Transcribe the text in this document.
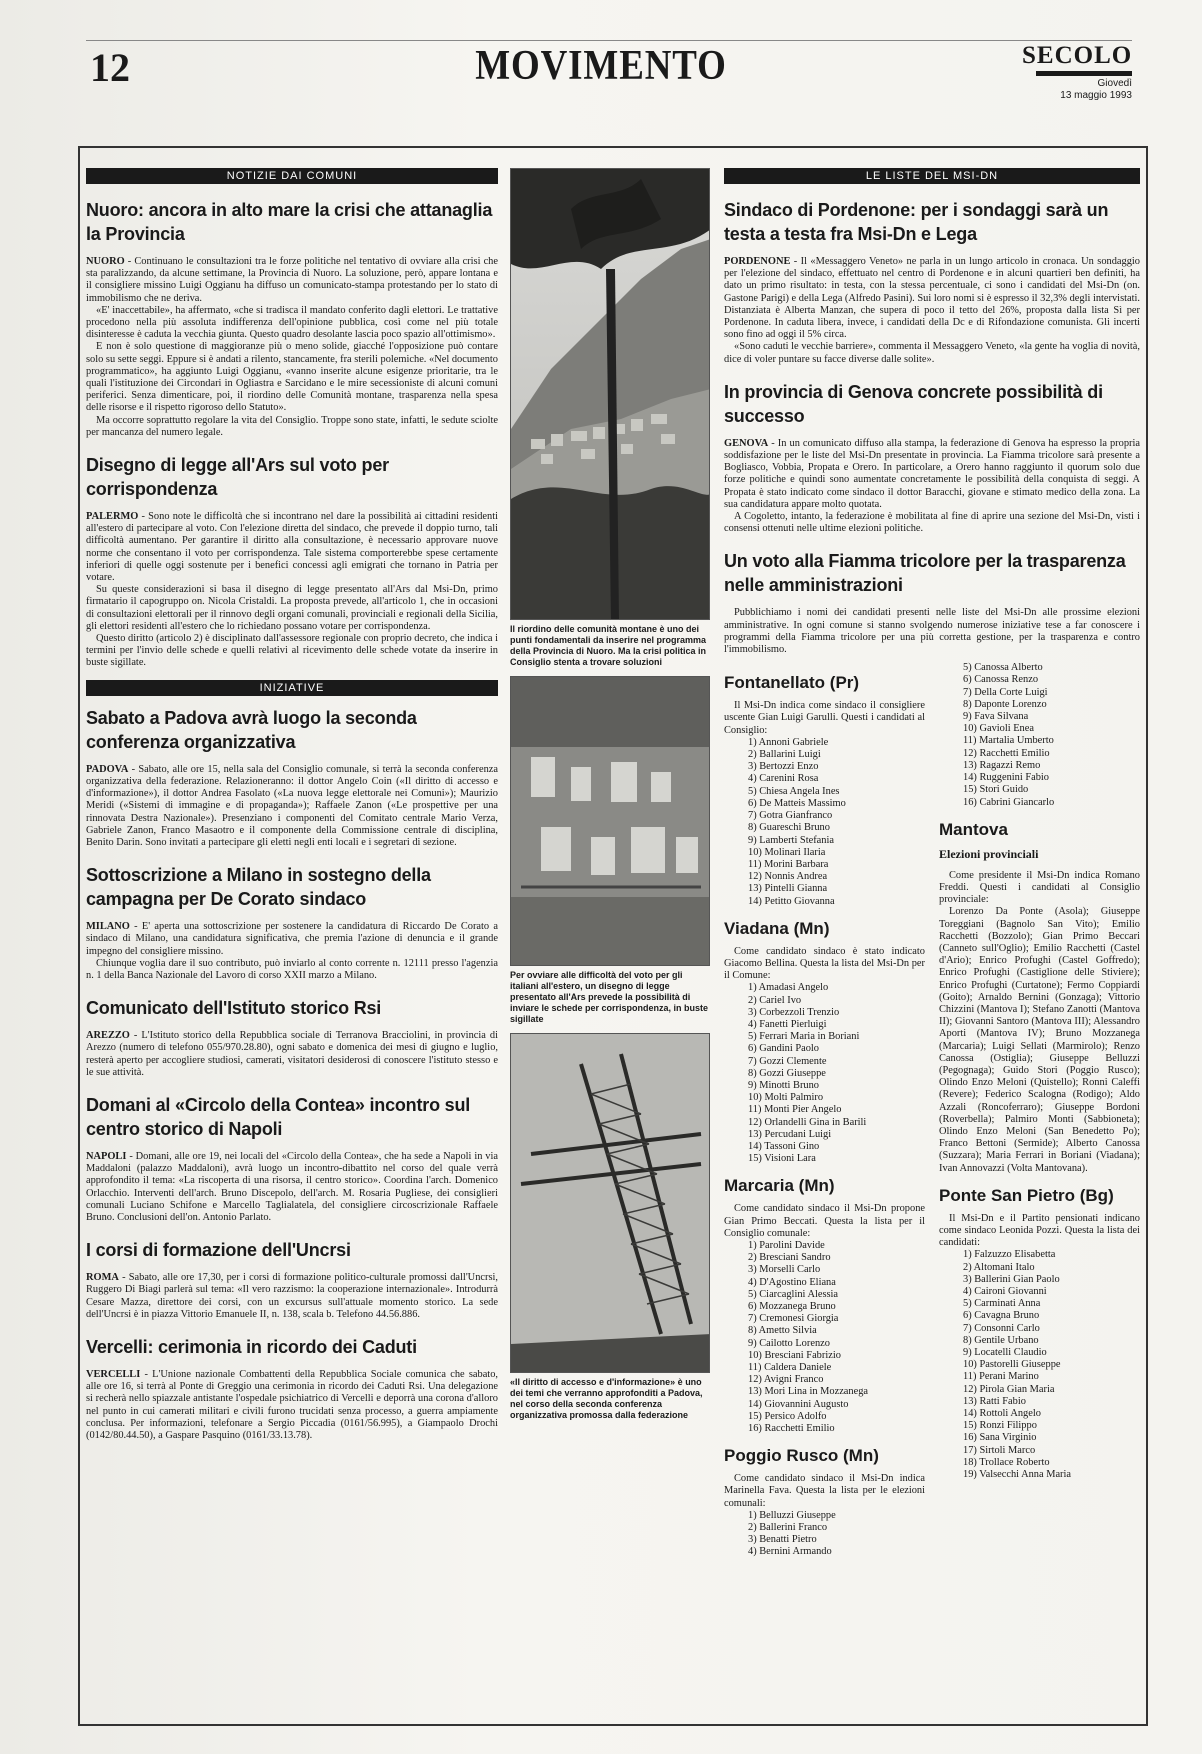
12	MOVIMENTO	SECOLO
Giovedì
13 maggio 1993
NOTIZIE DAI COMUNI
Nuoro: ancora in alto mare la crisi che attanaglia la Provincia

NUORO - Continuano le consultazioni tra le forze politiche nel tentativo di ovviare alla crisi che sta paralizzando, da alcune settimane, la Provincia di Nuoro. La soluzione, però, appare lontana e il consigliere missino Luigi Oggianu ha diffuso un comunicato-stampa protestando per lo stato di immobilismo che ne deriva.

«E' inaccettabile», ha affermato, «che si tradisca il mandato conferito dagli elettori. Le trattative procedono nella più assoluta indifferenza dell'opinione pubblica, così come nel più totale disinteresse è caduta la vecchia giunta. Questo quadro desolante lascia poco spazio all'ottimismo».

E non è solo questione di maggioranze più o meno solide, giacché l'opposizione può contare solo su sette seggi. Eppure si è andati a rilento, stancamente, fra sterili polemiche. «Nel documento programmatico», ha aggiunto Luigi Oggianu, «vanno inserite alcune esigenze prioritarie, tra le quali l'istituzione dei Circondari in Ogliastra e Sarcidano e le mire secessioniste di alcuni comuni periferici. Senza dimenticare, poi, il riordino delle Comunità montane, trasparenza nella spesa delle risorse e il rispetto rigoroso dello Statuto».

Ma occorre soprattutto regolare la vita del Consiglio. Troppe sono state, infatti, le sedute sciolte per mancanza del numero legale.

Disegno di legge all'Ars sul voto per corrispondenza

PALERMO - Sono note le difficoltà che si incontrano nel dare la possibilità ai cittadini residenti all'estero di partecipare al voto. Con l'elezione diretta del sindaco, che prevede il doppio turno, tali difficoltà aumentano. Per garantire il diritto alla consultazione, è necessario approvare nuove norme che consentano il voto per corrispondenza. Tale sistema comporterebbe spese certamente inferiori di quelle oggi sostenute per i benefici concessi agli emigrati che tornano in Patria per votare.

Su queste considerazioni si basa il disegno di legge presentato all'Ars dal Msi-Dn, primo firmatario il capogruppo on. Nicola Cristaldi. La proposta prevede, all'articolo 1, che in occasioni di consultazioni elettorali per il rinnovo degli organi comunali, provinciali e regionali della Sicilia, gli elettori residenti all'estero che lo richiedano possano votare per corrispondenza.

Questo diritto (articolo 2) è disciplinato dall'assessore regionale con proprio decreto, che indica i termini per l'invio delle schede e quelli relativi al ricevimento delle schede votate da inserire in buste sigillate.

INIZIATIVE
Sabato a Padova avrà luogo la seconda conferenza organizzativa

PADOVA - Sabato, alle ore 15, nella sala del Consiglio comunale, si terrà la seconda conferenza organizzativa della federazione. Relazioneranno: il dottor Angelo Coin («Il diritto di accesso e d'informazione»), il dottor Andrea Fasolato («La nuova legge elettorale nei Comuni»); Maurizio Meridi («Sistemi di immagine e di propaganda»); Raffaele Zanon («Le prospettive per una rinnovata Destra Nazionale»). Presenziano i componenti del Comitato centrale Mario Verza, Gabriele Zanon, Franco Masaotro e il componente della Commissione centrale di disciplina, Benito Darin. Sono invitati a partecipare gli eletti negli enti locali e i segretari di sezione.

Sottoscrizione a Milano in sostegno della campagna per De Corato sindaco

MILANO - E' aperta una sottoscrizione per sostenere la candidatura di Riccardo De Corato a sindaco di Milano, una candidatura significativa, che premia l'azione di denuncia e il grande impegno del consigliere missino.

Chiunque voglia dare il suo contributo, può inviarlo al conto corrente n. 12111 presso l'agenzia n. 1 della Banca Nazionale del Lavoro di corso XXII marzo a Milano.

Comunicato dell'Istituto storico Rsi

AREZZO - L'Istituto storico della Repubblica sociale di Terranova Bracciolini, in provincia di Arezzo (numero di telefono 055/970.28.80), ogni sabato e domenica dei mesi di giugno e luglio, resterà aperto per accogliere studiosi, camerati, visitatori desiderosi di conoscere l'istituto stesso e le sue attività.

Domani al «Circolo della Contea» incontro sul centro storico di Napoli

NAPOLI - Domani, alle ore 19, nei locali del «Circolo della Contea», che ha sede a Napoli in via Maddaloni (palazzo Maddaloni), avrà luogo un incontro-dibattito nel corso del quale verrà approfondito il tema: «La riscoperta di una risorsa, il centro storico». Coordina l'arch. Domenico Orlacchio. Interventi dell'arch. Bruno Discepolo, dell'arch. M. Rosaria Pugliese, dei consiglieri comunali Luciano Schifone e Marcello Taglialatela, del consigliere circoscrizionale Raffaele Bruno. Conclusioni dell'on. Antonio Parlato.

I corsi di formazione dell'Uncrsi

ROMA - Sabato, alle ore 17,30, per i corsi di formazione politico-culturale promossi dall'Uncrsi, Ruggero Di Biagi parlerà sul tema: «Il vero razzismo: la cooperazione internazionale». Introdurrà Cesare Mazza, direttore dei corsi, con un excursus sull'attuale momento storico. La sede dell'Uncrsi è in piazza Vittorio Emanuele II, n. 138, scala b. Telefono 44.56.886.

Vercelli: cerimonia in ricordo dei Caduti

VERCELLI - L'Unione nazionale Combattenti della Repubblica Sociale comunica che sabato, alle ore 16, si terrà al Ponte di Greggio una cerimonia in ricordo dei Caduti Rsi. Una delegazione si recherà nello spiazzale antistante l'ospedale psichiatrico di Vercelli e deporrà una corona d'alloro nel punto in cui camerati militari e civili furono trucidati senza processo, a guerra ampiamente conclusa. Per informazioni, telefonare a Sergio Piccadia (0161/56.995), a Giampaolo Drochi (0142/80.44.50), a Gaspare Pasquino (0161/33.13.78).

Il riordino delle comunità montane è uno dei punti fondamentali da inserire nel programma della Provincia di Nuoro. Ma la crisi politica in Consiglio stenta a trovare soluzioni
Per ovviare alle difficoltà del voto per gli italiani all'estero, un disegno di legge presentato all'Ars prevede la possibilità di inviare le schede per corrispondenza, in buste sigillate
«Il diritto di accesso e d'informazione» è uno dei temi che verranno approfonditi a Padova, nel corso della seconda conferenza organizzativa promossa dalla federazione
LE LISTE DEL MSI-DN
Sindaco di Pordenone: per i sondaggi sarà un testa a testa fra Msi-Dn e Lega

PORDENONE - Il «Messaggero Veneto» ne parla in un lungo articolo in cronaca. Un sondaggio per l'elezione del sindaco, effettuato nel centro di Pordenone e in alcuni quartieri ben definiti, ha dato un primo risultato: in testa, con la stessa percentuale, ci sono i candidati del Msi-Dn (on. Gastone Parigi) e della Lega (Alfredo Pasini). Sui loro nomi si è espresso il 32,3% degli intervistati. Distanziata è Alberta Manzan, che supera di poco il tetto del 26%, proposta dalla lista Sì per Pordenone. In caduta libera, invece, i candidati della Dc e di Rifondazione comunista. Gli incerti sono fino ad oggi il 5% circa.

«Sono caduti le vecchie barriere», commenta il Messaggero Veneto, «la gente ha voglia di novità, dice di voler puntare su facce diverse dalle solite».

In provincia di Genova concrete possibilità di successo

GENOVA - In un comunicato diffuso alla stampa, la federazione di Genova ha espresso la propria soddisfazione per le liste del Msi-Dn presentate in provincia. La Fiamma tricolore sarà presente a Bogliasco, Vobbia, Propata e Orero. In particolare, a Orero hanno raggiunto il quorum solo due forze politiche e quindi sono aumentate concretamente le possibilità della conquista di seggi. A Propata è stato indicato come sindaco il dottor Baracchi, giovane e stimato medico della zona. La sua candidatura appare molto quotata.

A Cogoletto, intanto, la federazione è mobilitata al fine di aprire una sezione del Msi-Dn, visti i consensi ottenuti nelle ultime elezioni politiche.

Un voto alla Fiamma tricolore per la trasparenza nelle amministrazioni

Pubblichiamo i nomi dei candidati presenti nelle liste del Msi-Dn alle prossime elezioni amministrative. In ogni comune si stanno svolgendo numerose iniziative tese a far conoscere i programmi della Fiamma tricolore per una più corretta gestione, per la trasparenza e contro l'immobilismo.

Fontanellato (Pr)

Il Msi-Dn indica come sindaco il consigliere uscente Gian Luigi Garulli. Questi i candidati al Consiglio:

1) Annoni Gabriele
2) Ballarini Luigi
3) Bertozzi Enzo
4) Carenini Rosa
5) Chiesa Angela Ines
6) De Matteis Massimo
7) Gotra Gianfranco
8) Guareschi Bruno
9) Lamberti Stefania
10) Molinari Ilaria
11) Morini Barbara
12) Nonnis Andrea
13) Pintelli Gianna
14) Petitto Giovanna
Viadana (Mn)

Come candidato sindaco è stato indicato Giacomo Bellina. Questa la lista del Msi-Dn per il Comune:

1) Amadasi Angelo
2) Cariel Ivo
3) Corbezzoli Trenzio
4) Fanetti Pierluigi
5) Ferrari Maria in Boriani
6) Gandini Paolo
7) Gozzi Clemente
8) Gozzi Giuseppe
9) Minotti Bruno
10) Molti Palmiro
11) Monti Pier Angelo
12) Orlandelli Gina in Barili
13) Percudani Luigi
14) Tassoni Gino
15) Visioni Lara
Marcaria (Mn)

Come candidato sindaco il Msi-Dn propone Gian Primo Beccati. Questa la lista per il Consiglio comunale:

1) Parolini Davide
2) Bresciani Sandro
3) Morselli Carlo
4) D'Agostino Eliana
5) Ciarcaglini Alessia
6) Mozzanega Bruno
7) Cremonesi Giorgia
8) Ametto Silvia
9) Cailotto Lorenzo
10) Bresciani Fabrizio
11) Caldera Daniele
12) Avigni Franco
13) Mori Lina in Mozzanega
14) Giovannini Augusto
15) Persico Adolfo
16) Racchetti Emilio
Poggio Rusco (Mn)

Come candidato sindaco il Msi-Dn indica Marinella Fava. Questa la lista per le elezioni comunali:

1) Belluzzi Giuseppe
2) Ballerini Franco
3) Benatti Pietro
4) Bernini Armando
5) Canossa Alberto
6) Canossa Renzo
7) Della Corte Luigi
8) Daponte Lorenzo
9) Fava Silvana
10) Gavioli Enea
11) Martalia Umberto
12) Racchetti Emilio
13) Ragazzi Remo
14) Ruggenini Fabio
15) Stori Guido
16) Cabrini Giancarlo
Mantova
Elezioni provinciali

Come presidente il Msi-Dn indica Romano Freddi. Questi i candidati al Consiglio provinciale:

Lorenzo Da Ponte (Asola); Giuseppe Toreggiani (Bagnolo San Vito); Emilio Racchetti (Bozzolo); Gian Primo Beccari (Canneto sull'Oglio); Emilio Racchetti (Castel d'Ario); Enrico Profughi (Castel Goffredo); Enrico Profughi (Castiglione delle Stiviere); Enrico Profughi (Curtatone); Fermo Coppiardi (Goito); Arnaldo Bernini (Gonzaga); Vittorio Chizzini (Mantova I); Stefano Zanotti (Mantova II); Giovanni Santoro (Mantova III); Alessandro Aporti (Mantova IV); Bruno Mozzanega (Marcaria); Luigi Sellati (Marmirolo); Renzo Canossa (Ostiglia); Giuseppe Belluzzi (Pegognaga); Guido Stori (Poggio Rusco); Olindo Enzo Meloni (Quistello); Ronni Caleffi (Revere); Federico Scalogna (Rodigo); Aldo Azzali (Roncoferraro); Giuseppe Bordoni (Roverbella); Palmiro Monti (Sabbioneta); Olindo Enzo Meloni (San Benedetto Po); Franco Bettoni (Sermide); Alberto Canossa (Suzzara); Maria Ferrari in Boriani (Viadana); Ivan Annovazzi (Volta Mantovana).

Ponte San Pietro (Bg)

Il Msi-Dn e il Partito pensionati indicano come sindaco Leonida Pozzi. Questa la lista dei candidati:

1) Falzuzzo Elisabetta
2) Altomani Italo
3) Ballerini Gian Paolo
4) Caironi Giovanni
5) Carminati Anna
6) Cavagna Bruno
7) Consonni Carlo
8) Gentile Urbano
9) Locatelli Claudio
10) Pastorelli Giuseppe
11) Perani Marino
12) Pirola Gian Maria
13) Ratti Fabio
14) Rottoli Angelo
15) Ronzi Filippo
16) Sana Virginio
17) Sirtoli Marco
18) Trollace Roberto
19) Valsecchi Anna Maria
